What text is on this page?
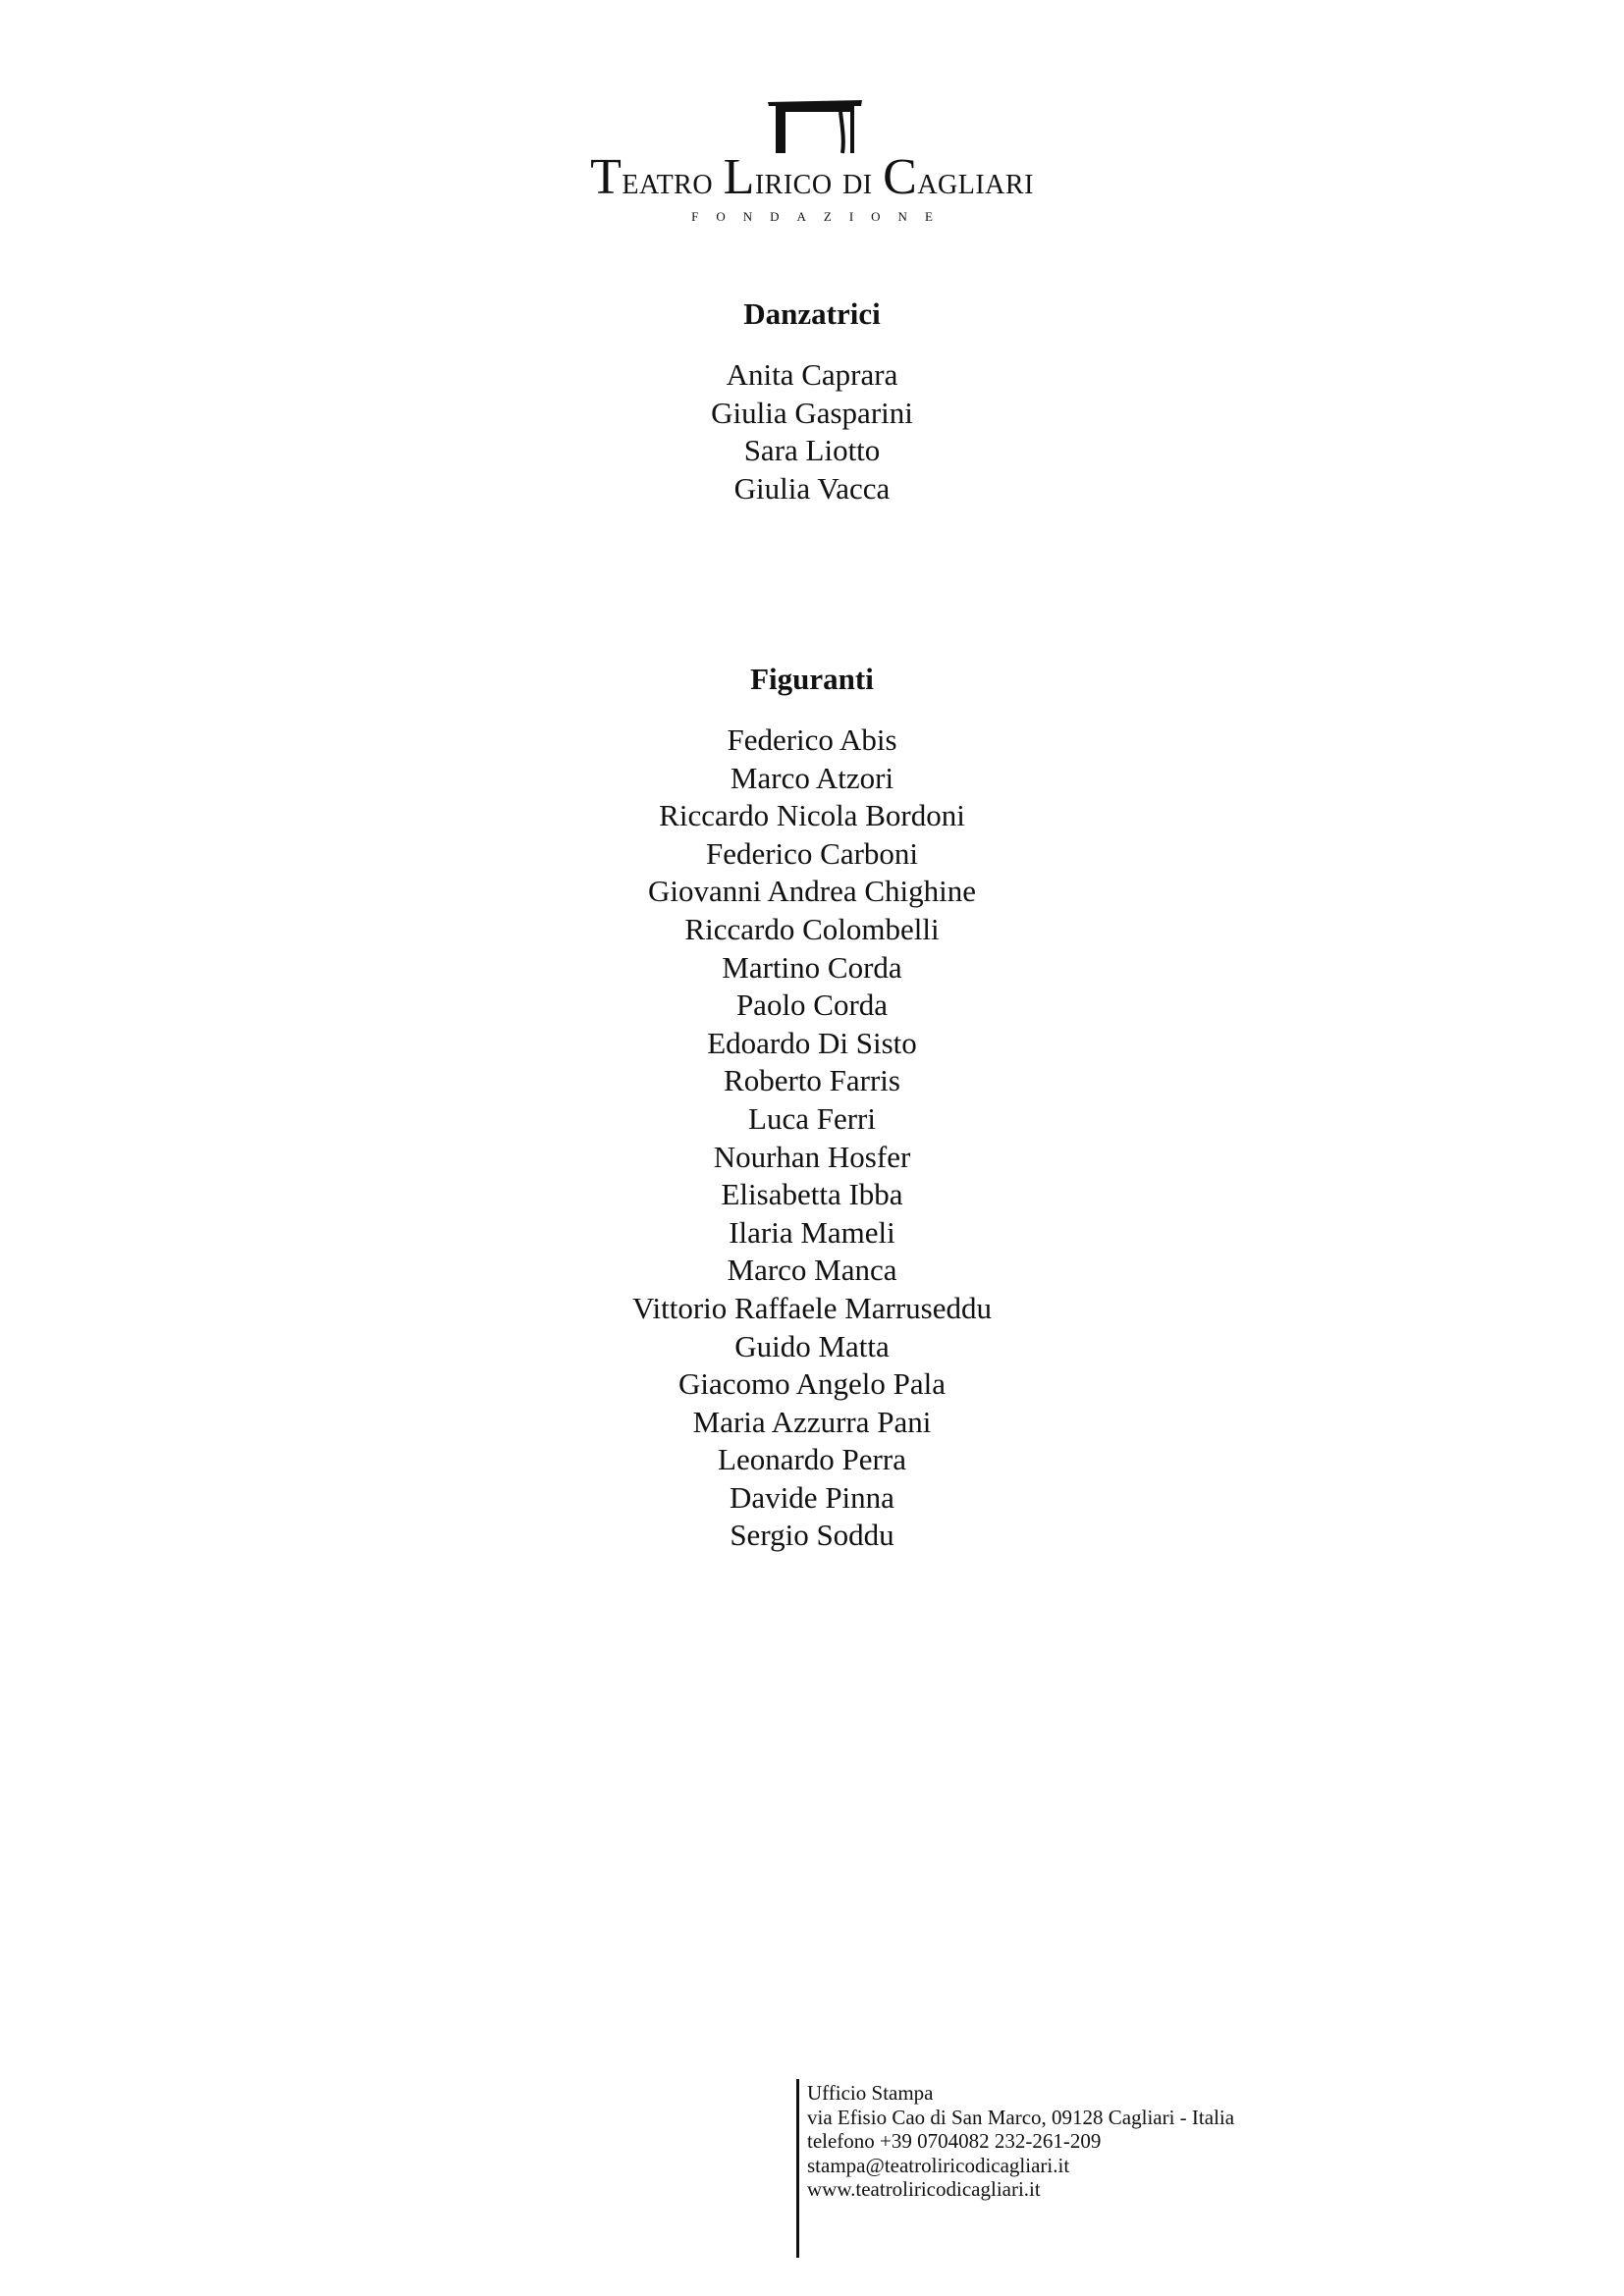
Teatro Lirico di Cagliari
FONDAZIONE
Danzatrici
Anita Caprara
Giulia Gasparini
Sara Liotto
Giulia Vacca
Figuranti
Federico Abis
Marco Atzori
Riccardo Nicola Bordoni
Federico Carboni
Giovanni Andrea Chighine
Riccardo Colombelli
Martino Corda
Paolo Corda
Edoardo Di Sisto
Roberto Farris
Luca Ferri
Nourhan Hosfer
Elisabetta Ibba
Ilaria Mameli
Marco Manca
Vittorio Raffaele Marruseddu
Guido Matta
Giacomo Angelo Pala
Maria Azzurra Pani
Leonardo Perra
Davide Pinna
Sergio Soddu
Ufficio Stampa
via Efisio Cao di San Marco, 09128 Cagliari - Italia
telefono +39 0704082 232-261-209
stampa@teatroliricodicagliari.it
www.teatroliricodicagliari.it
